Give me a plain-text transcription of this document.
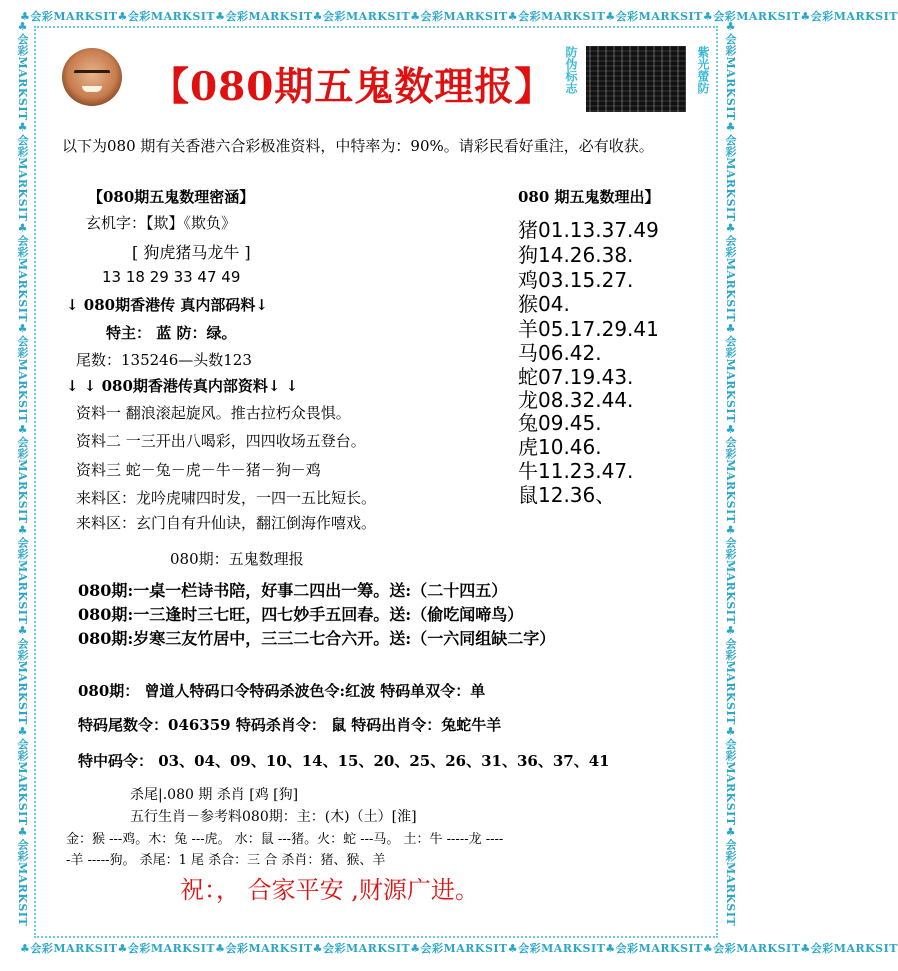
♣会彩MARKSIT♣会彩MARKSIT♣会彩MARKSIT♣会彩MARKSIT♣会彩MARKSIT♣会彩MARKSIT♣会彩MARKSIT♣会彩MARKSIT♣会彩MARKSIT
♣会彩MARKSIT♣会彩MARKSIT♣会彩MARKSIT♣会彩MARKSIT♣会彩MARKSIT♣会彩MARKSIT♣会彩MARKSIT♣会彩MARKSIT♣会彩MARKSIT
♣会彩MARKSIT♣会彩MARKSIT♣会彩MARKSIT♣会彩MARKSIT♣会彩MARKSIT♣会彩MARKSIT♣会彩MARKSIT♣会彩MARKSIT♣会彩MARKSIT	♣会彩MARKSIT♣会彩MARKSIT♣会彩MARKSIT♣会彩MARKSIT♣会彩MARKSIT♣会彩MARKSIT♣会彩MARKSIT♣会彩MARKSIT♣会彩MARKSIT
【080期五鬼数理报】 防伪标志	紫光螢防
以下为080 期有关香港六合彩极准资料，中特率为：90%。请彩民看好重注，必有收获。
【080期五鬼数理密涵】
玄机字：【欺】《欺负》
[ 狗虎猪马龙牛 ]
13 18 29 33 47 49
↓ 080期香港传 真内部码料↓
特主： 蓝 防：绿。
尾数：135246—头数123
↓ ↓ 080期香港传真内部资料↓ ↓
资料一 翻浪滚起旋风。推古拉朽众畏惧。
资料二 一三开出八喝彩，四四收场五登台。
资料三 蛇－兔－虎－牛－猪－狗－鸡
来料区：龙吟虎啸四时发，一四一五比短长。
来料区：玄门自有升仙诀，翻江倒海作嘻戏。
080 期五鬼数理出】
猪01.13.37.49
狗14.26.38.
鸡03.15.27.
猴04.
羊05.17.29.41
马06.42.
蛇07.19.43.
龙08.32.44.
兔09.45.
虎10.46.
牛11.23.47.
鼠12.36、
080期：五鬼数理报
080期:一桌一栏诗书陪，好事二四出一筹。送:（二十四五）
080期:一三逢时三七旺，四七妙手五回春。送:（偷吃闻啼鸟）
080期:岁寒三友竹居中，三三二七合六开。送:（一六同组缺二字）
080期： 曾道人特码口令特码杀波色令:红波 特码单双令：单
特码尾数令：046359 特码杀肖令： 鼠 特码出肖令：兔蛇牛羊
特中码令： 03、04、09、10、14、15、20、25、26、31、36、37、41
杀尾|.080 期 杀肖 [鸡 [狗]
五行生肖－参考料080期：主：(木)（土）[淮]
金：猴 ---鸡。木：兔 ---虎。 水：鼠 ---猪。火：蛇 ---马。 土：牛 -----龙 ----
-羊 -----狗。 杀尾：1 尾 杀合：三 合 杀肖：猪、猴、羊
祝：， 合家平安 ,财源广进。
